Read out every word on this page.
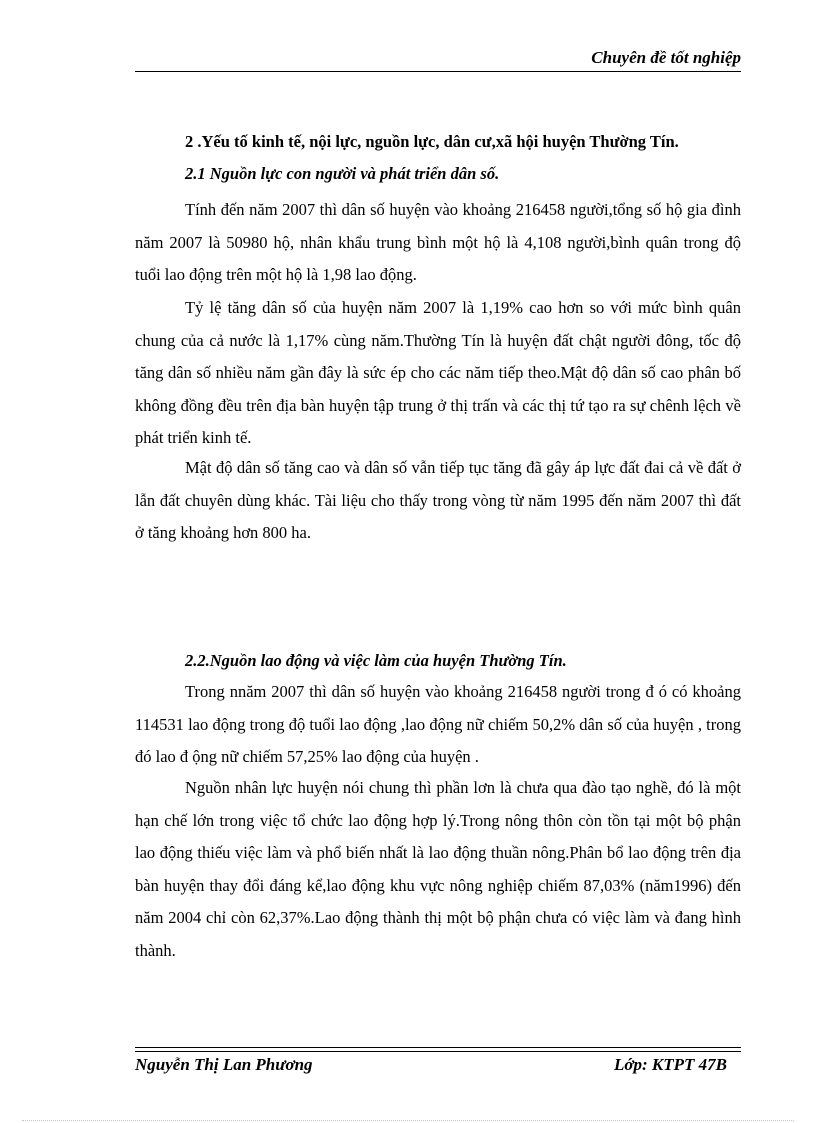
Chuyên đề tốt nghiệp
2 .Yếu tố kinh tế, nội lực, nguồn lực, dân cư,xã hội huyện Thường Tín.
2.1 Nguồn lực con người và phát triển dân số.

Tính đến năm 2007 thì dân số huyện vào khoảng 216458 người,tổng số hộ gia đình năm 2007 là 50980 hộ, nhân khẩu trung bình một hộ là 4,108 người,bình quân trong độ tuổi lao động trên một hộ là 1,98 lao động.

Tỷ lệ tăng dân số của huyện năm 2007 là 1,19% cao hơn so với mức bình quân chung của cả nước là 1,17% cùng năm.Thường Tín là huyện đất chật người đông, tốc độ tăng dân số nhiều năm gần đây là sức ép cho các năm tiếp theo.Mật độ dân số cao phân bố không đồng đều trên địa bàn huyện tập trung ở thị trấn và các thị tứ tạo ra sự chênh lệch về phát triển kinh tế.

Mật độ dân số tăng cao và dân số vẫn tiếp tục tăng đã gây áp lực đất đai cả về đất ở lẫn đất chuyên dùng khác. Tài liệu cho thấy trong vòng từ năm 1995 đến năm 2007 thì đất ở tăng khoảng hơn 800 ha.

2.2.Nguồn lao động và việc làm của huyện Thường Tín.

Trong nnăm 2007 thì dân số huyện vào khoảng 216458 người trong đ ó có khoảng 114531 lao động trong độ tuổi lao động ,lao động nữ chiếm 50,2% dân số của huyện , trong đó lao đ ộng nữ chiếm 57,25% lao động của huyện .

Nguồn nhân lực huyện nói chung thì phần lơn là chưa qua đào tạo nghề, đó là một hạn chế lớn trong việc tổ chức lao động hợp lý.Trong nông thôn còn tồn tại một bộ phận lao động thiếu việc làm và phổ biến nhất là lao động thuần nông.Phân bổ lao động trên địa bàn huyện thay đổi đáng kể,lao động khu vực nông nghiệp chiếm 87,03% (năm1996) đến năm 2004 chỉ còn 62,37%.Lao động thành thị một bộ phận chưa có việc làm và đang hình thành.

Nguyễn Thị Lan Phương	Lớp: KTPT 47B
